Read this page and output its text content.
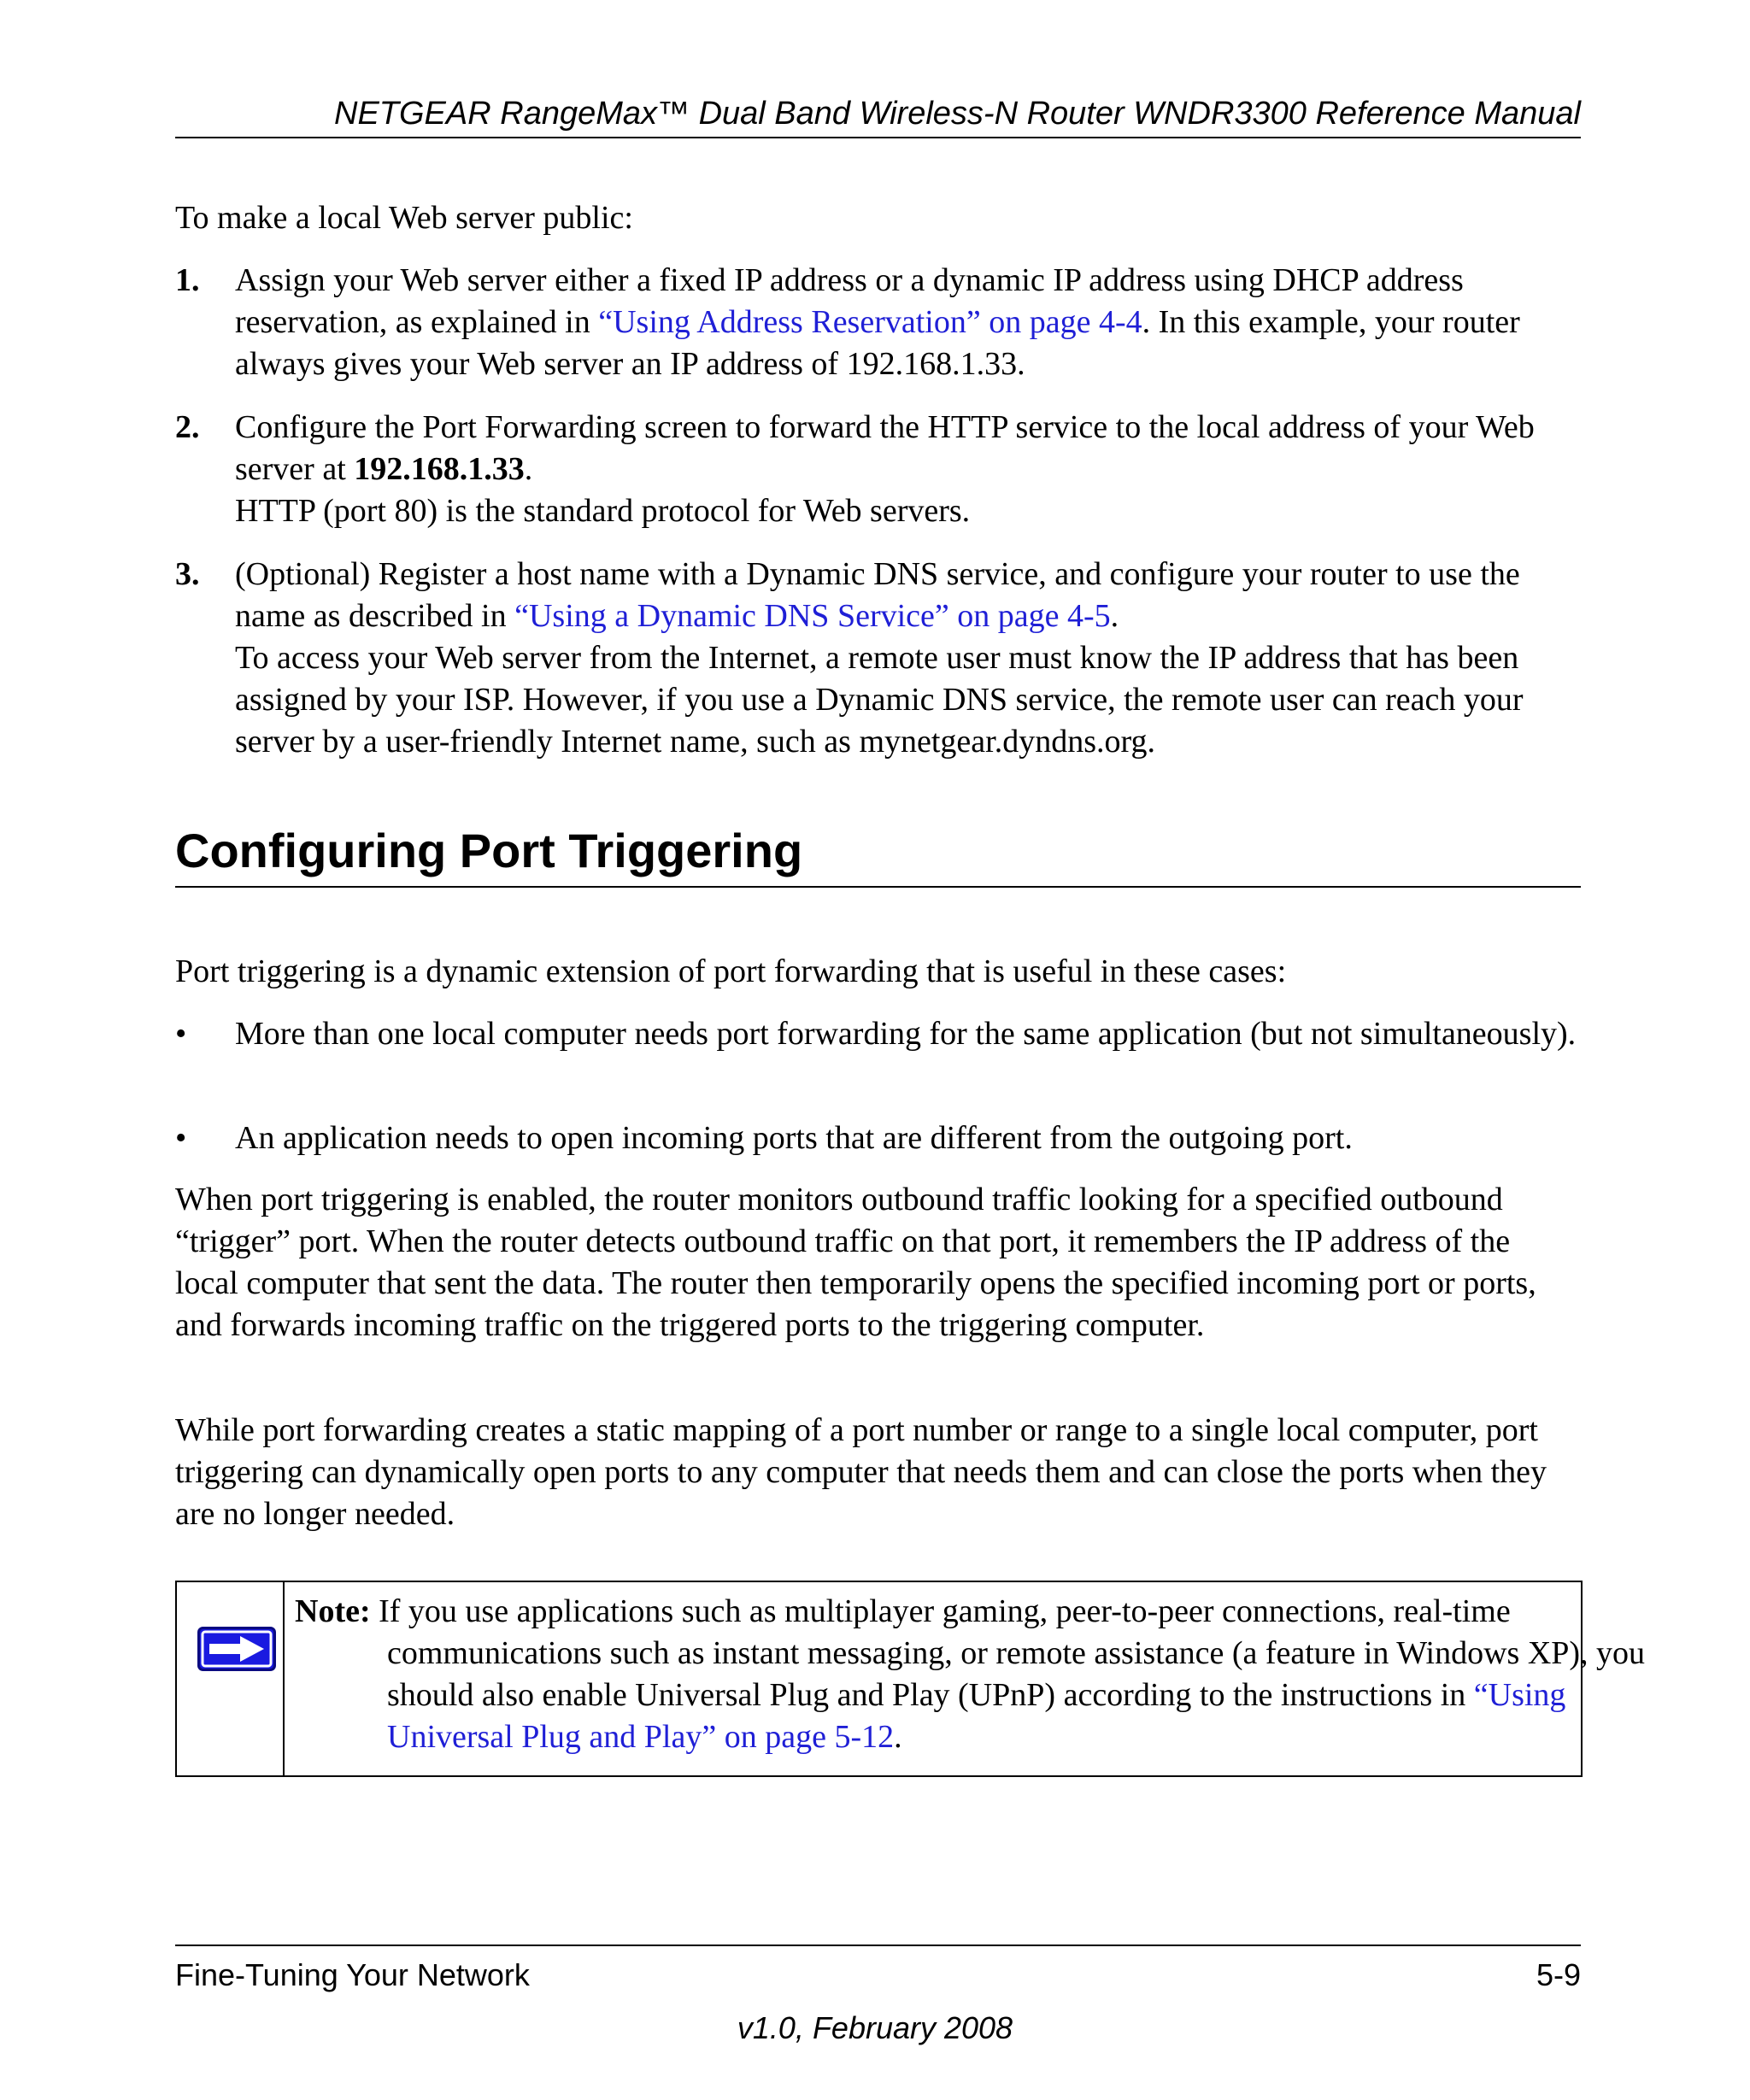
NETGEAR RangeMax™ Dual Band Wireless-N Router WNDR3300 Reference Manual

To make a local Web server public:

1. Assign your Web server either a fixed IP address or a dynamic IP address using DHCP address reservation, as explained in “Using Address Reservation” on page 4-4. In this example, your router always gives your Web server an IP address of 192.168.1.33.
2. Configure the Port Forwarding screen to forward the HTTP service to the local address of your Web server at 192.168.1.33.
HTTP (port 80) is the standard protocol for Web servers.
3. (Optional) Register a host name with a Dynamic DNS service, and configure your router to use the name as described in “Using a Dynamic DNS Service” on page 4-5.
To access your Web server from the Internet, a remote user must know the IP address that has been assigned by your ISP. However, if you use a Dynamic DNS service, the remote user can reach your server by a user-friendly Internet name, such as mynetgear.dyndns.org.
Configuring Port Triggering

Port triggering is a dynamic extension of port forwarding that is useful in these cases:

• More than one local computer needs port forwarding for the same application (but not simultaneously).
• An application needs to open incoming ports that are different from the outgoing port.

When port triggering is enabled, the router monitors outbound traffic looking for a specified outbound “trigger” port. When the router detects outbound traffic on that port, it remembers the IP address of the local computer that sent the data. The router then temporarily opens the specified incoming port or ports, and forwards incoming traffic on the triggered ports to the triggering computer.

While port forwarding creates a static mapping of a port number or range to a single local computer, port triggering can dynamically open ports to any computer that needs them and can close the ports when they are no longer needed.

Note: If you use applications such as multiplayer gaming, peer-to-peer connections, real-time communications such as instant messaging, or remote assistance (a feature in Windows XP), you should also enable Universal Plug and Play (UPnP) according to the instructions in “Using Universal Plug and Play” on page 5-12.
Fine-Tuning Your Network	5-9
v1.0, February 2008
